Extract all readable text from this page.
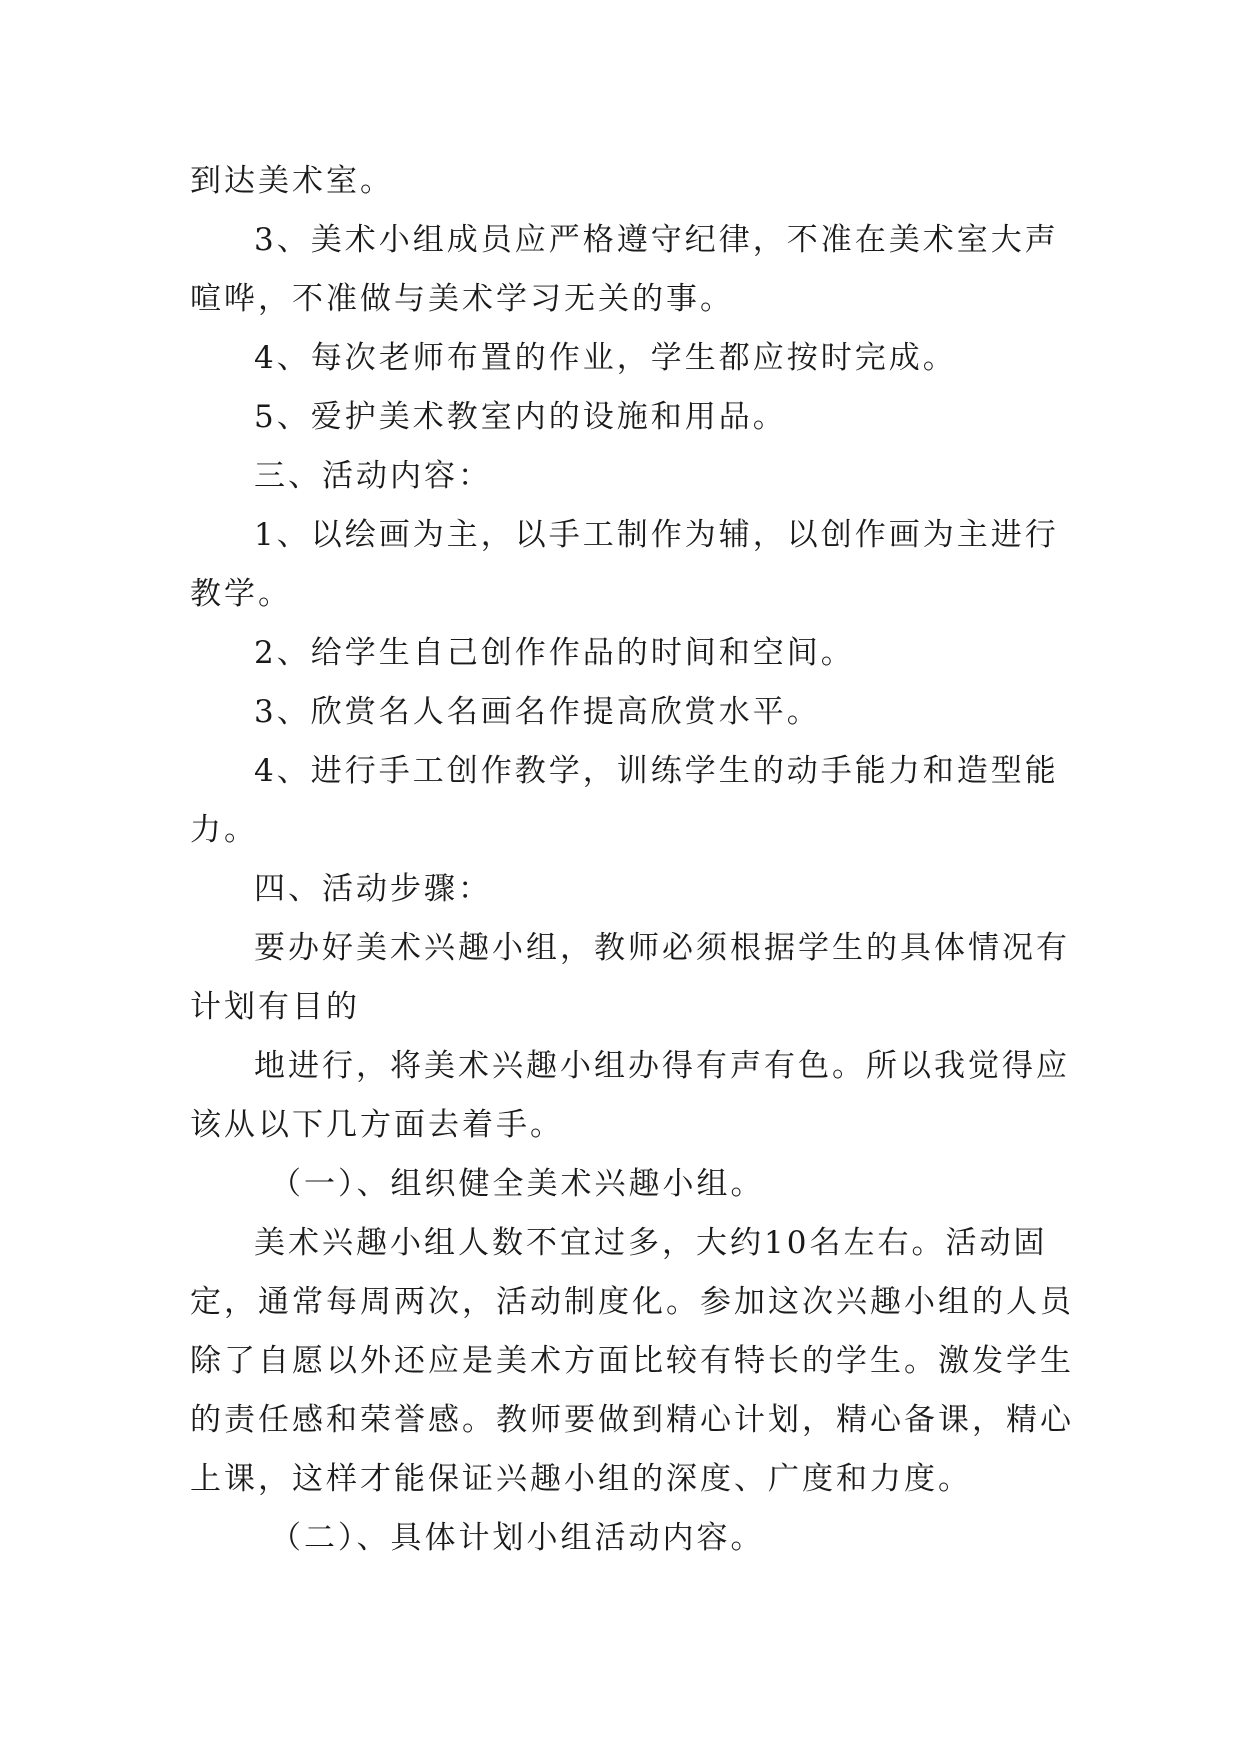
到达美术室。
3、美术小组成员应严格遵守纪律，不准在美术室大声
喧哗，不准做与美术学习无关的事。
4、每次老师布置的作业，学生都应按时完成。
5、爱护美术教室内的设施和用品。
三、活动内容：
1、以绘画为主，以手工制作为辅，以创作画为主进行
教学。
2、给学生自己创作作品的时间和空间。
3、欣赏名人名画名作提高欣赏水平。
4、进行手工创作教学，训练学生的动手能力和造型能
力。
四、活动步骤：
要办好美术兴趣小组，教师必须根据学生的具体情况有
计划有目的
地进行，将美术兴趣小组办得有声有色。所以我觉得应
该从以下几方面去着手。
（一）、组织健全美术兴趣小组。
美术兴趣小组人数不宜过多，大约10名左右。活动固
定，通常每周两次，活动制度化。参加这次兴趣小组的人员
除了自愿以外还应是美术方面比较有特长的学生。激发学生
的责任感和荣誉感。教师要做到精心计划，精心备课，精心
上课，这样才能保证兴趣小组的深度、广度和力度。
（二）、具体计划小组活动内容。
